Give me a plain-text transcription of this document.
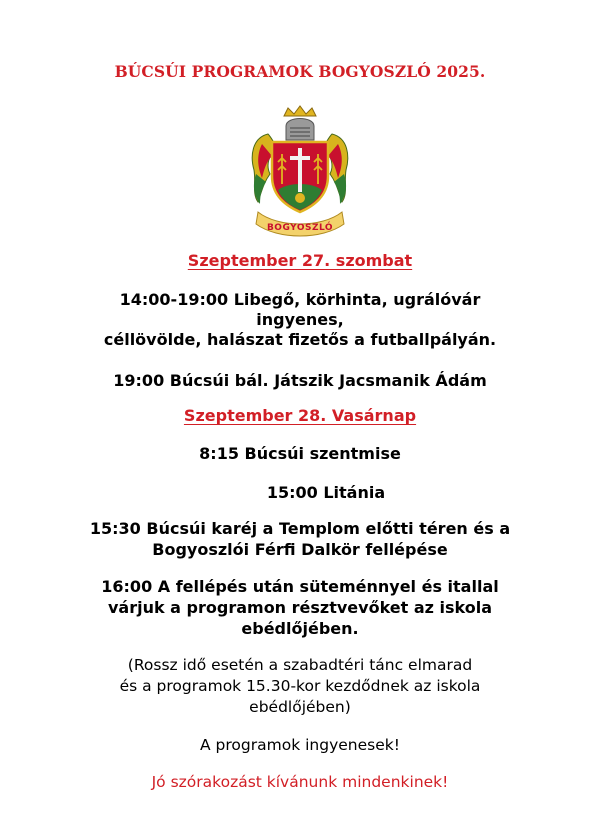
BÚCSÚI PROGRAMOK BOGYOSZLÓ 2025.
BOGYOSZLÓ

Szeptember 27. szombat

14:00-19:00 Libegő, körhinta, ugrálóvár

ingyenes,

céllövölde, halászat fizetős a futballpályán.

19:00 Búcsúi bál. Játszik Jacsmanik Ádám

Szeptember 28. Vasárnap

8:15 Búcsúi szentmise

15:00 Litánia

15:30 Búcsúi karéj a Templom előtti téren és a

Bogyoszlói Férfi Dalkör fellépése

16:00 A fellépés után süteménnyel és itallal

várjuk a programon résztvevőket az iskola

ebédlőjében.

(Rossz idő esetén a szabadtéri tánc elmarad

és a programok 15.30-kor kezdődnek az iskola

ebédlőjében)

A programok ingyenesek!

Jó szórakozást kívánunk mindenkinek!
